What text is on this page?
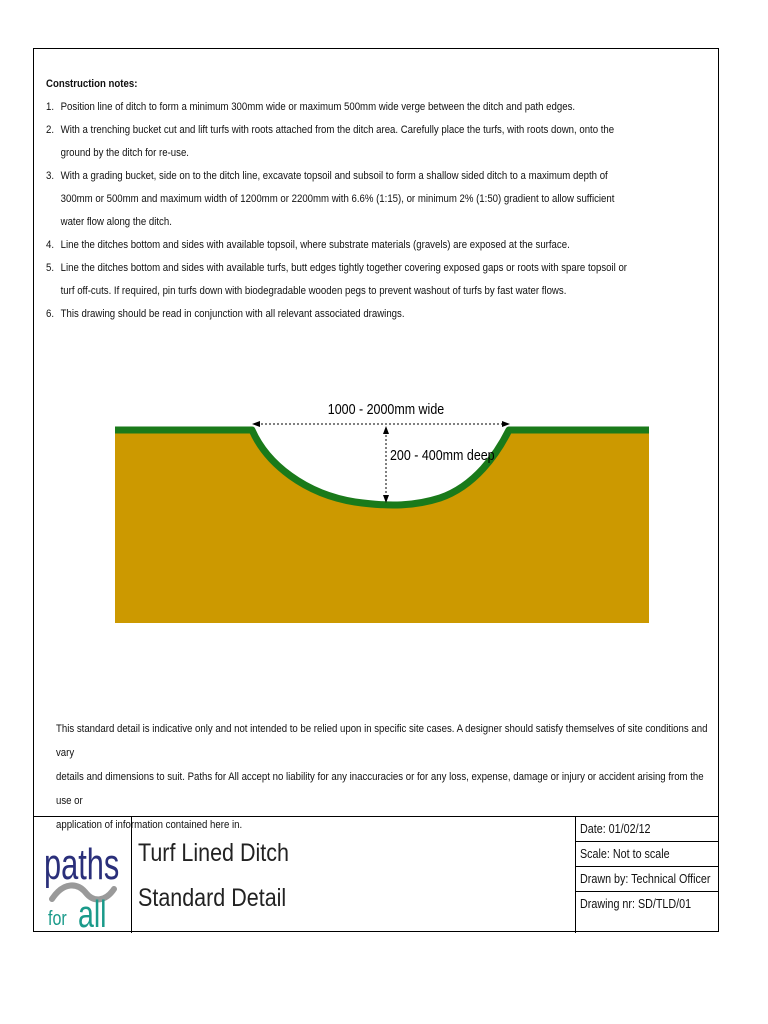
Construction notes:
1. Position line of ditch to form a minimum 300mm wide or maximum 500mm wide verge between the ditch and path edges.
2. With a trenching bucket cut and lift turfs with roots attached from the ditch area. Carefully place the turfs, with roots down, onto the
ground by the ditch for re-use.
3. With a grading bucket, side on to the ditch line, excavate topsoil and subsoil to form a shallow sided ditch to a maximum depth of
300mm or 500mm and maximum width of 1200mm or 2200mm with 6.6% (1:15), or minimum 2% (1:50) gradient to allow sufficient
water flow along the ditch.
4. Line the ditches bottom and sides with available topsoil, where substrate materials (gravels) are exposed at the surface.
5. Line the ditches bottom and sides with available turfs, butt edges tightly together covering exposed gaps or roots with spare topsoil or
turf off-cuts. If required, pin turfs down with biodegradable wooden pegs to prevent washout of turfs by fast water flows.
6. This drawing should be read in conjunction with all relevant associated drawings.
1000 - 2000mm wide
200 - 400mm deep
This standard detail is indicative only and not intended to be relied upon in specific site cases. A designer should satisfy themselves of site conditions and vary
details and dimensions to suit. Paths for All accept no liability for any inaccuracies or for any loss, expense, damage or injury or accident arising from the use or
application of information contained here in.
paths
for all
Turf Lined Ditch
Standard Detail
Date: 01/02/12
Scale: Not to scale
Drawn by: Technical Officer
Drawing nr: SD/TLD/01
